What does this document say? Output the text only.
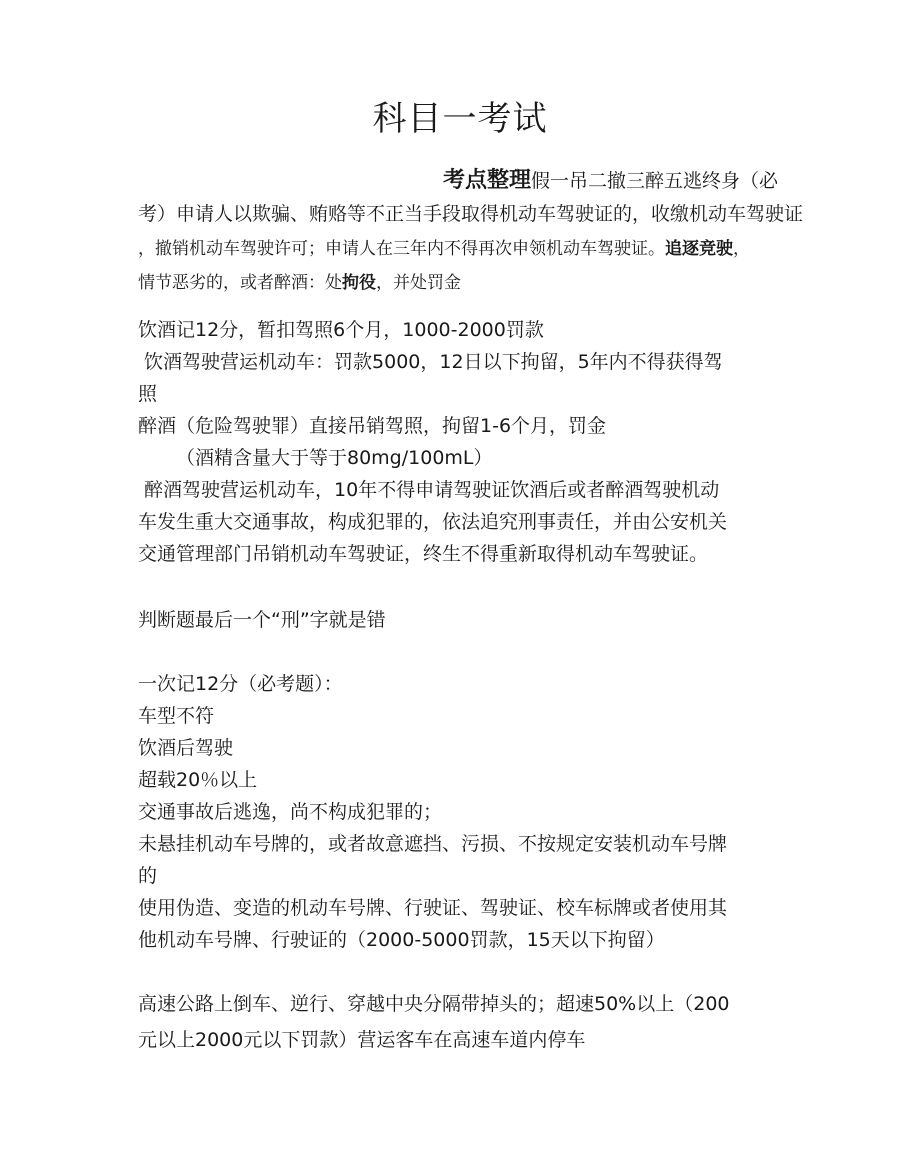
科目一考试
考点整理假一吊二撤三醉五逃终身（必
考）申请人以欺骗、贿赂等不正当手段取得机动车驾驶证的，收缴机动车驾驶证
，撤销机动车驾驶许可；申请人在三年内不得再次申领机动车驾驶证。追逐竞驶，
情节恶劣的，或者醉酒：处拘役，并处罚金
饮酒记12分，暂扣驾照6个月，1000-2000罚款
饮酒驾驶营运机动车：罚款5000，12日以下拘留，5年内不得获得驾
照
醉酒（危险驾驶罪）直接吊销驾照，拘留1-6个月，罚金
（酒精含量大于等于80mg/100mL）
醉酒驾驶营运机动车，10年不得申请驾驶证饮酒后或者醉酒驾驶机动
车发生重大交通事故，构成犯罪的，依法追究刑事责任，并由公安机关
交通管理部门吊销机动车驾驶证，终生不得重新取得机动车驾驶证。
判断题最后一个“刑”字就是错
一次记12分（必考题）：
车型不符
饮酒后驾驶
超载20％以上
交通事故后逃逸，尚不构成犯罪的；
未悬挂机动车号牌的，或者故意遮挡、污损、不按规定安装机动车号牌
的
使用伪造、变造的机动车号牌、行驶证、驾驶证、校车标牌或者使用其
他机动车号牌、行驶证的（2000-5000罚款，15天以下拘留）
高速公路上倒车、逆行、穿越中央分隔带掉头的；超速50%以上（200
元以上2000元以下罚款）营运客车在高速车道内停车
